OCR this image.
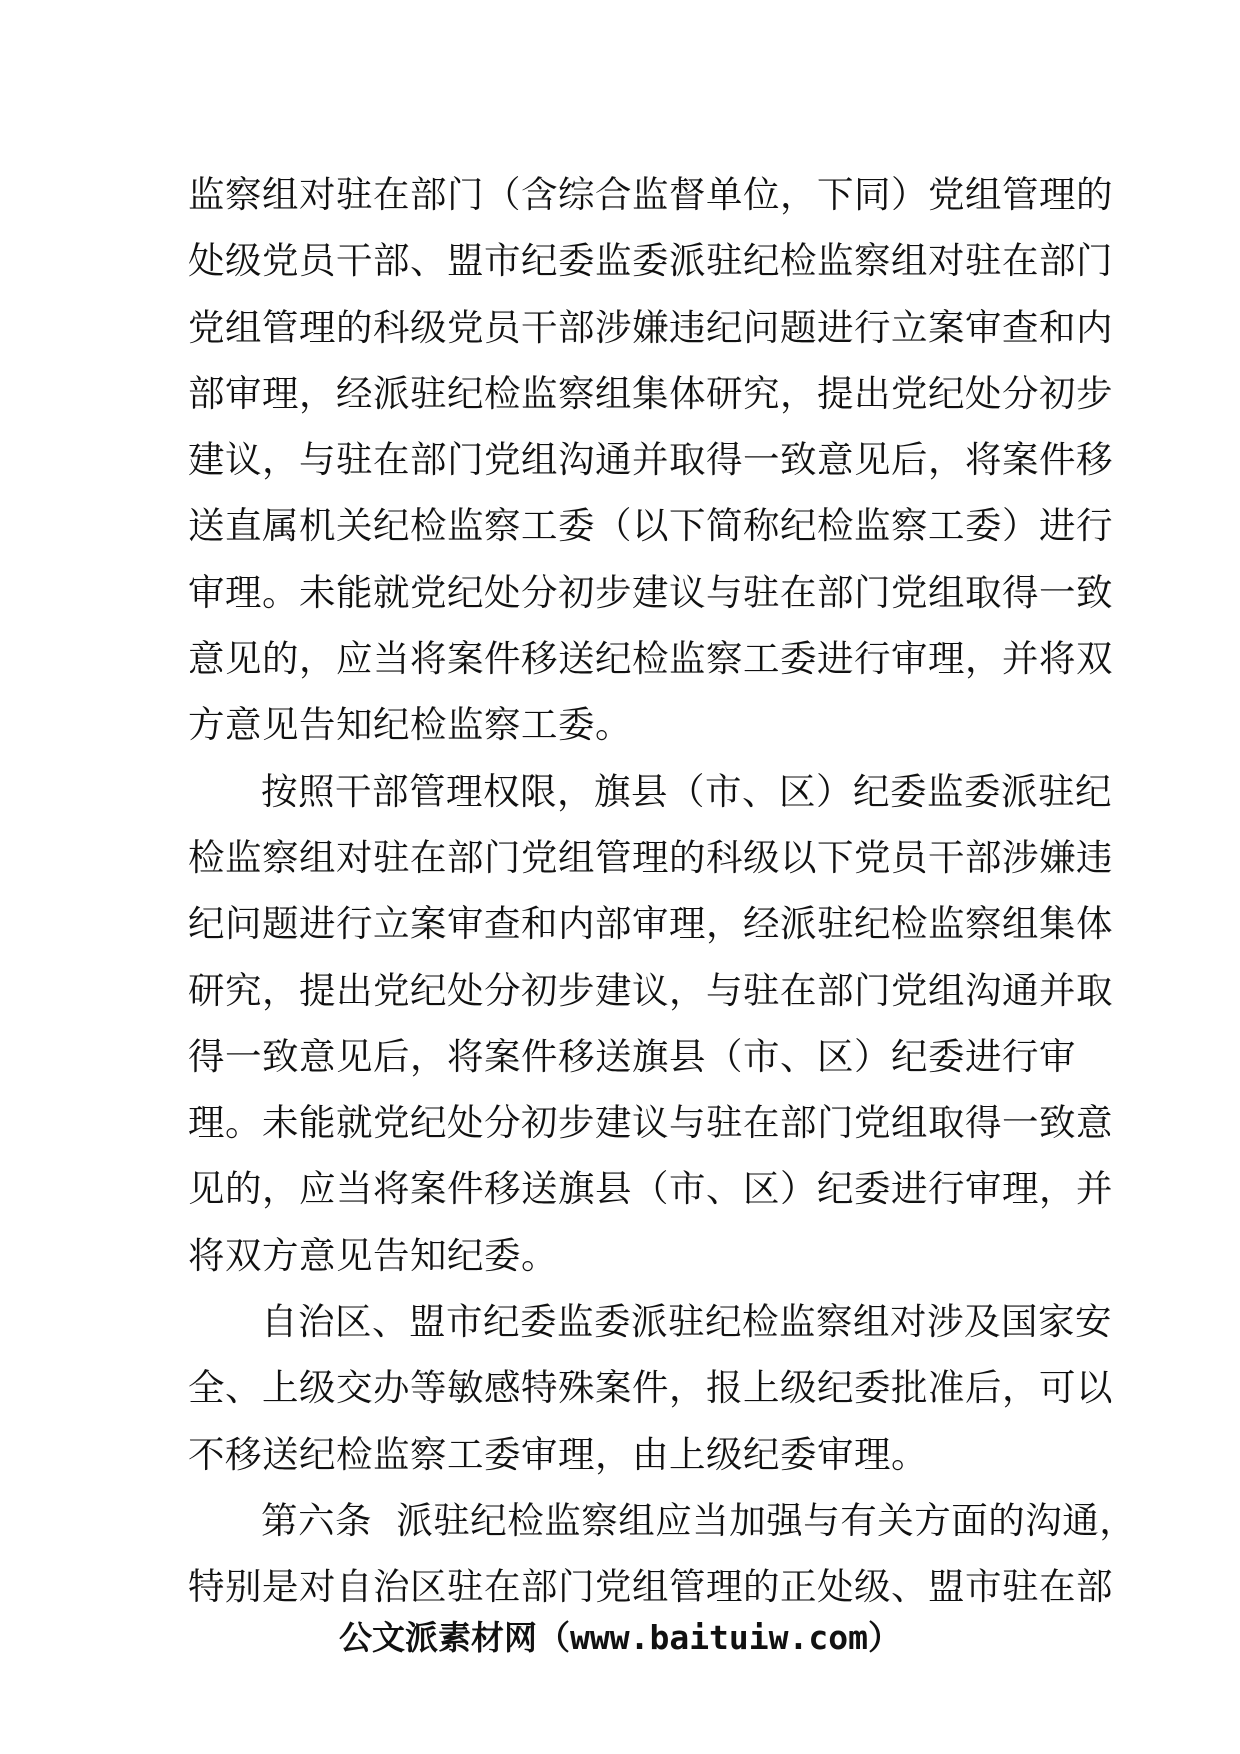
监察组对驻在部门（含综合监督单位，下同）党组管理的
处级党员干部、盟市纪委监委派驻纪检监察组对驻在部门
党组管理的科级党员干部涉嫌违纪问题进行立案审查和内
部审理，经派驻纪检监察组集体研究，提出党纪处分初步
建议，与驻在部门党组沟通并取得一致意见后，将案件移
送直属机关纪检监察工委（以下简称纪检监察工委）进行
审理。未能就党纪处分初步建议与驻在部门党组取得一致
意见的，应当将案件移送纪检监察工委进行审理，并将双
方意见告知纪检监察工委。

按照干部管理权限，旗县（市、区）纪委监委派驻纪
检监察组对驻在部门党组管理的科级以下党员干部涉嫌违
纪问题进行立案审查和内部审理，经派驻纪检监察组集体
研究，提出党纪处分初步建议，与驻在部门党组沟通并取
得一致意见后，将案件移送旗县（市、区）纪委进行审
理。未能就党纪处分初步建议与驻在部门党组取得一致意
见的，应当将案件移送旗县（市、区）纪委进行审理，并
将双方意见告知纪委。

自治区、盟市纪委监委派驻纪检监察组对涉及国家安
全、上级交办等敏感特殊案件，报上级纪委批准后，可以
不移送纪检监察工委审理，由上级纪委审理。

第六条  派驻纪检监察组应当加强与有关方面的沟通，
特别是对自治区驻在部门党组管理的正处级、盟市驻在部

公文派素材网（www.baituiw.com）
